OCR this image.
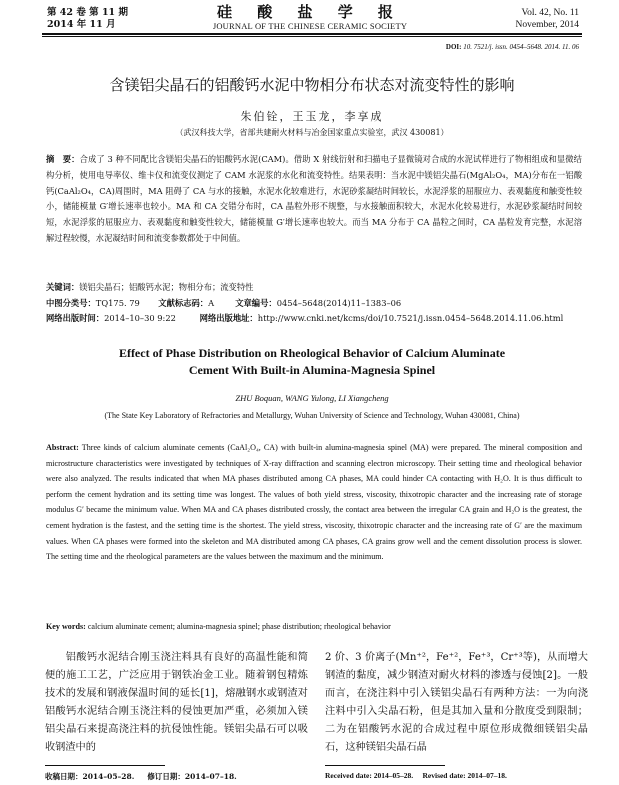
第 42 卷 第 11 期
2014 年 11 月
硅 酸 盐 学 报
JOURNAL OF THE CHINESE CERAMIC SOCIETY
Vol. 42, No. 11
November, 2014
DOI: 10. 7521/j. issn. 0454–5648. 2014. 11. 06
含镁铝尖晶石的铝酸钙水泥中物相分布状态对流变特性的影响
朱伯铨，王玉龙，李享成
（武汉科技大学，省部共建耐火材料与冶金国家重点实验室，武汉 430081）
摘　要：合成了 3 种不同配比含镁铝尖晶石的铝酸钙水泥(CAM)。借助 X 射线衍射和扫描电子显微镜对合成的水泥试样进行了物相组成和显微结构分析，使用电导率仪、维卡仪和流变仪测定了 CAM 水泥浆的水化和流变特性。结果表明：当水泥中镁铝尖晶石(MgAl₂O₄，MA)分布在一铝酸钙(CaAl₂O₄，CA)周围时，MA 阻碍了 CA 与水的接触，水泥水化较难进行，水泥砂浆凝结时间较长，水泥浮浆的屈服应力、表观黏度和触变性较小，储能模量 G′增长速率也较小。MA 和 CA 交错分布时，CA 晶粒外形不规整，与水接触面积较大，水泥水化较易进行，水泥砂浆凝结时间较短，水泥浮浆的屈服应力、表观黏度和触变性较大，储能模量 G′增长速率也较大。而当 MA 分布于 CA 晶粒之间时，CA 晶粒发育完整，水泥溶解过程较慢，水泥凝结时间和流变参数都处于中间值。
关键词：镁铝尖晶石；铝酸钙水泥；物相分布；流变特性
中图分类号：TQ175. 79 文献标志码：A	文章编号：0454–5648(2014)11–1383–06
网络出版时间：2014–10–30 9:22	网络出版地址：http://www.cnki.net/kcms/doi/10.7521/j.issn.0454–5648.2014.11.06.html
Effect of Phase Distribution on Rheological Behavior of Calcium Aluminate
Cement With Built-in Alumina-Magnesia Spinel
ZHU Boquan, WANG Yulong, LI Xiangcheng
(The State Key Laboratory of Refractories and Metallurgy, Wuhan University of Science and Technology, Wuhan 430081, China)
Abstract: Three kinds of calcium aluminate cements (CaAl₂O₄, CA) with built-in alumina-magnesia spinel (MA) were prepared. The mineral composition and microstructure characteristics were investigated by techniques of X-ray diffraction and scanning electron microscopy. Their setting time and rheological behavior were also analyzed. The results indicated that when MA phases distributed among CA phases, MA could hinder CA contacting with H₂O. It is thus difficult to perform the cement hydration and its setting time was longest. The values of both yield stress, viscosity, thixotropic character and the increasing rate of storage modulus G′ became the minimum value. When MA and CA phases distributed crossly, the contact area between the irregular CA grain and H₂O is the greatest, the cement hydration is the fastest, and the setting time is the shortest. The yield stress, viscosity, thixotropic character and the increasing rate of G′ are the maximum values. When CA phases were formed into the skeleton and MA distributed among CA phases, CA grains grow well and the cement dissolution process is slower. The setting time and the rheological parameters are the values between the maximum and the minimum.
Key words: calcium aluminate cement; alumina-magnesia spinel; phase distribution; rheological behavior
铝酸钙水泥结合刚玉浇注料具有良好的高温性能和简便的施工工艺，广泛应用于钢铁冶金工业。随着钢包精炼技术的发展和钢液保温时间的延长[1]，熔融钢水或钢渣对铝酸钙水泥结合刚玉浇注料的侵蚀更加严重，必须加入镁铝尖晶石来提高浇注料的抗侵蚀性能。镁铝尖晶石可以吸收钢渣中的
2 价、3 价离子(Mn⁺²，Fe⁺²，Fe⁺³，Cr⁺³等)，从而增大钢渣的黏度，减少钢渣对耐火材料的渗透与侵蚀[2]。一般而言，在浇注料中引入镁铝尖晶石有两种方法：一为向浇注料中引入尖晶石粉，但是其加入量和分散度受到限制；二为在铝酸钙水泥的合成过程中原位形成微细镁铝尖晶石，这种镁铝尖晶石晶
收稿日期：2014–05–28. 修订日期：2014–07–18.	Received date: 2014–05–28. Revised date: 2014–07–18.
